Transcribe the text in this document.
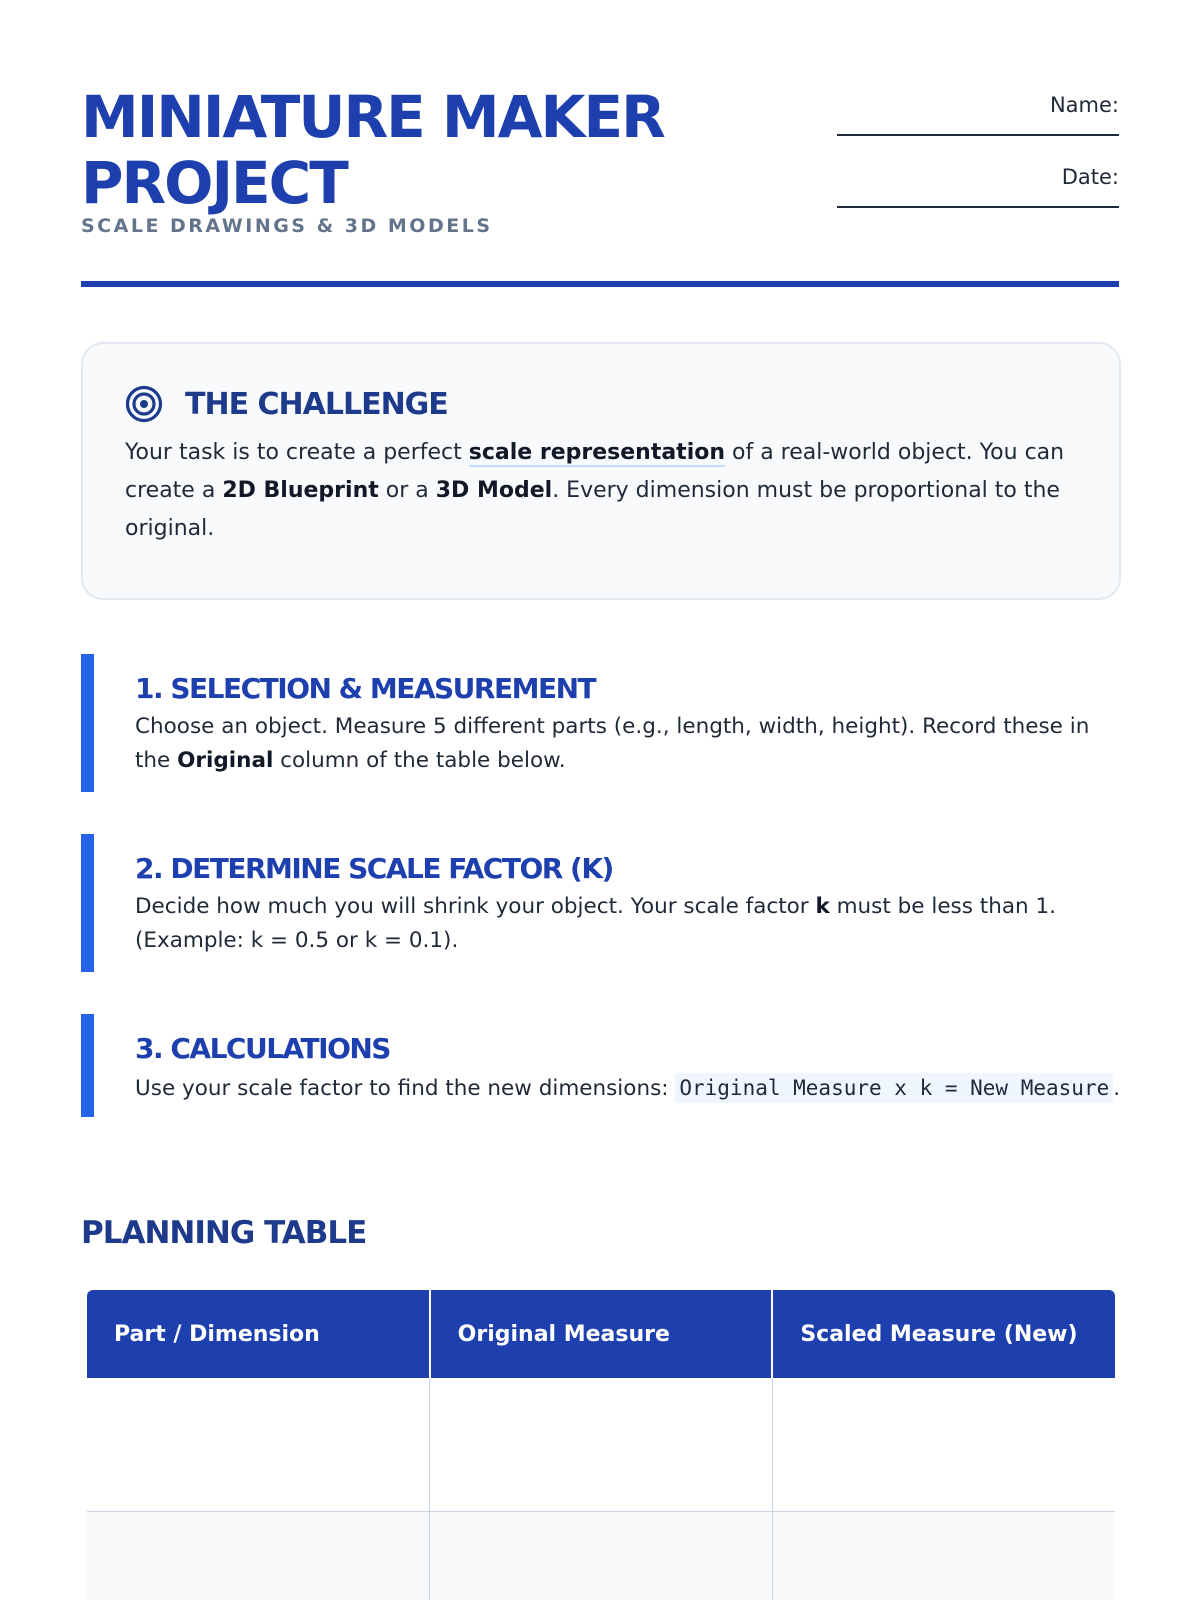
MINIATURE MAKER PROJECT
SCALE DRAWINGS & 3D MODELS
Name:
Date:
THE CHALLENGE
Your task is to create a perfect scale representation of a real-world object. You can create a 2D Blueprint or a 3D Model. Every dimension must be proportional to the original.
1. SELECTION & MEASUREMENT
Choose an object. Measure 5 different parts (e.g., length, width, height). Record these in the Original column of the table below.
2. DETERMINE SCALE FACTOR (K)
Decide how much you will shrink your object. Your scale factor k must be less than 1. (Example: k = 0.5 or k = 0.1).
3. CALCULATIONS
Use your scale factor to find the new dimensions: Original Measure x k = New Measure .
PLANNING TABLE
Part / Dimension	Original Measure	Scaled Measure (New)
